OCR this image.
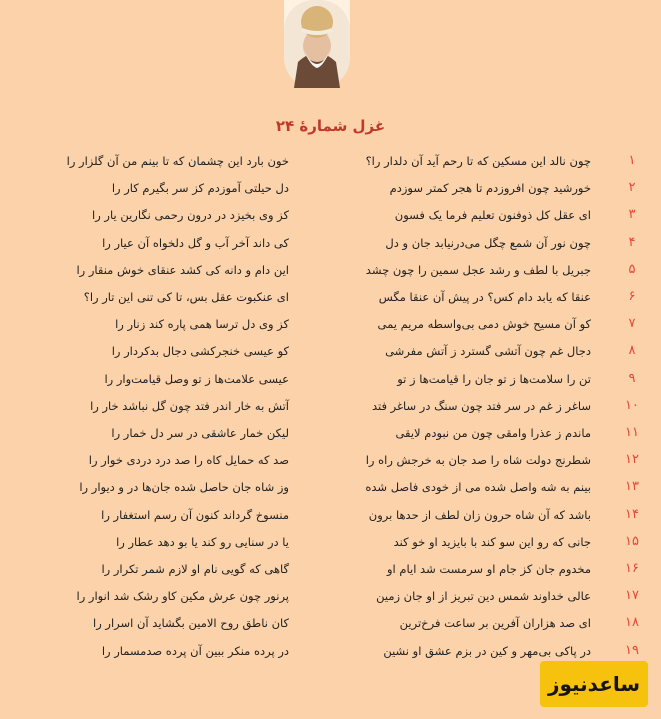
غزل شمارهٔ ۲۴
۱
چون نالد این مسکین که تا رحم آید آن دلدار را؟
خون بارد این چشمان که تا بینم من آن گلزار را
۲
خورشید چون افروزدم تا هجر کمتر سوزدم
دل حیلتی آموزدم کز سر بگیرم کار را
۳
ای عقل کل ذوفنون تعلیم فرما یک فسون
کز وی بخیزد در درون رحمی نگارین یار را
۴
چون نور آن شمع چگل می‌درنیابد جان و دل
کی داند آخر آب و گل دلخواه آن عیار را
۵
جبریل با لطف و رشد عجل سمین را چون چشد
این دام و دانه کی کشد عنقای خوش منقار را
۶
عنقا که یابد دام کس؟ در پیش آن عنقا مگس
ای عنکبوت عقل بس، تا کی تنی این تار را؟
۷
کو آن مسیح خوش دمی بی‌واسطه مریم یمی
کز وی دل ترسا همی پاره کند زنار را
۸
دجال غم چون آتشی گسترد ز آتش مفرشی
کو عیسی خنجرکشی دجال بدکردار را
۹
تن را سلامت‌ها ز تو جان را قیامت‌ها ز تو
عیسی علامت‌ها ز تو وصل قیامت‌وار را
۱۰
ساغر ز غم در سر فتد چون سنگ در ساغر فتد
آتش به خار اندر فتد چون گل نباشد خار را
۱۱
ماندم ز عذرا وامقی چون من نبودم لایقی
لیکن خمار عاشقی در سر دل خمار را
۱۲
شطرنج دولت شاه را صد جان به خرجش راه را
صد که حمایل کاه را صد درد دردی خوار را
۱۳
بینم به شه واصل شده می از خودی فاصل شده
وز شاه جان حاصل شده جان‌ها در و دیوار را
۱۴
باشد که آن شاه حرون زان لطف از حدها برون
منسوخ گرداند کنون آن رسم استغفار را
۱۵
جانی که رو این سو کند با بایزید او خو کند
یا در سنایی رو کند یا بو دهد عطار را
۱۶
مخدوم جان کز جام او سرمست شد ایام او
گاهی که گویی نام او لازم شمر تکرار را
۱۷
عالی خداوند شمس دین تبریز از او جان زمین
پرنور چون عرش مکین کاو رشک شد انوار را
۱۸
ای صد هزاران آفرین بر ساعت فرخ‌ترین
کان ناطق روح الامین بگشاید آن اسرار را
۱۹
در پاکی بی‌مهر و کین در بزم عشق او نشین
در پرده منکر ببین آن پرده صدمسمار را
ساعدنیوز
